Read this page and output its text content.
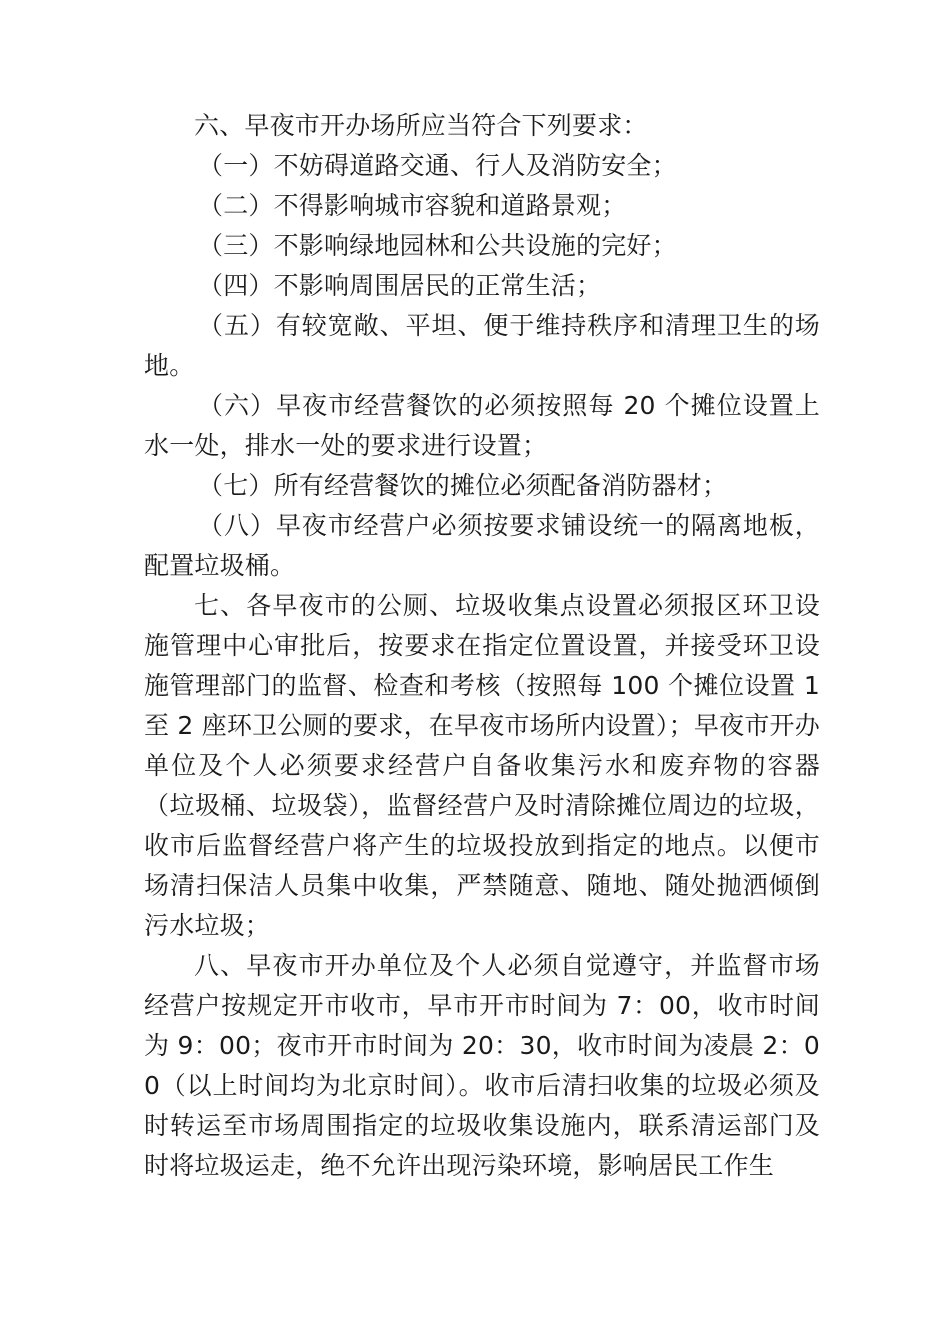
六、早夜市开办场所应当符合下列要求：

（一）不妨碍道路交通、行人及消防安全；

（二）不得影响城市容貌和道路景观；

（三）不影响绿地园林和公共设施的完好；

（四）不影响周围居民的正常生活；

（五）有较宽敞、平坦、便于维持秩序和清理卫生的场地。

（六）早夜市经营餐饮的必须按照每 20 个摊位设置上水一处，排水一处的要求进行设置；

（七）所有经营餐饮的摊位必须配备消防器材；

（八）早夜市经营户必须按要求铺设统一的隔离地板，配置垃圾桶。

七、各早夜市的公厕、垃圾收集点设置必须报区环卫设施管理中心审批后，按要求在指定位置设置，并接受环卫设施管理部门的监督、检查和考核（按照每 100 个摊位设置 1 至 2 座环卫公厕的要求，在早夜市场所内设置）；早夜市开办单位及个人必须要求经营户自备收集污水和废弃物的容器（垃圾桶、垃圾袋），监督经营户及时清除摊位周边的垃圾，收市后监督经营户将产生的垃圾投放到指定的地点。以便市场清扫保洁人员集中收集，严禁随意、随地、随处抛洒倾倒污水垃圾；

八、早夜市开办单位及个人必须自觉遵守，并监督市场经营户按规定开市收市，早市开市时间为 7：00，收市时间为 9：00；夜市开市时间为 20：30，收市时间为凌晨 2：00（以上时间均为北京时间）。收市后清扫收集的垃圾必须及时转运至市场周围指定的垃圾收集设施内，联系清运部门及时将垃圾运走，绝不允许出现污染环境，影响居民工作生
